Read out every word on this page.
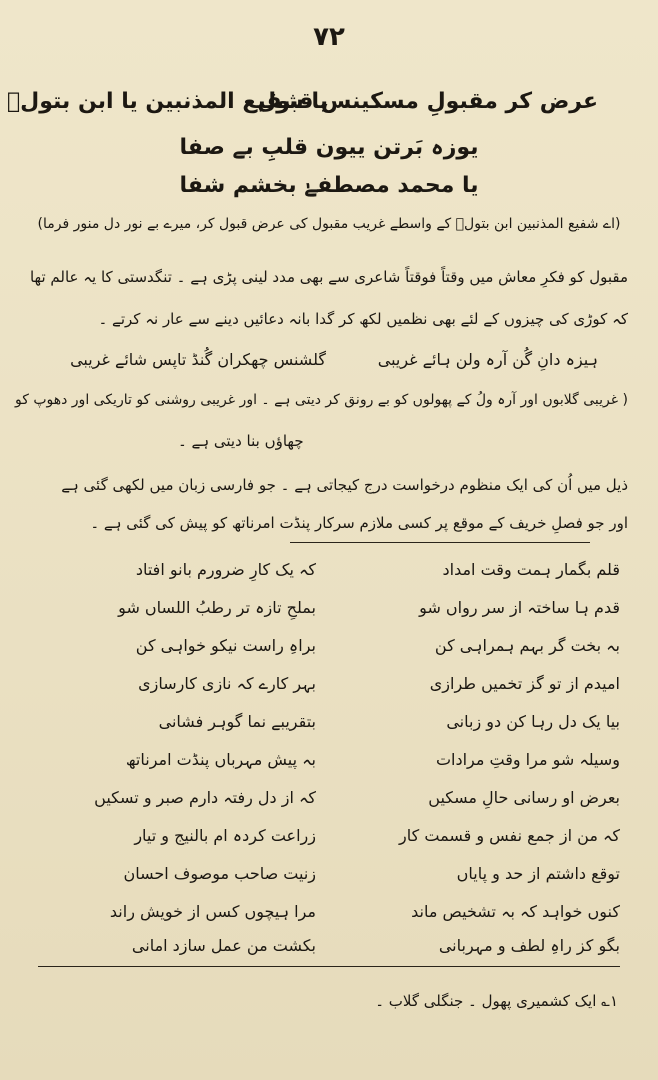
۷۲
یا شفیع المذنبین یا ابن بتولؑ
عرض کر مقبولِ مسکینس قبول
یوزہ بَرتن ییون قلبِ بے صفا
یا محمد مصطفےٰ بخشم شفا
(اے شفیع المذنبین ابن بتولؑ کے واسطے غریب مقبول کی عرض قبول کر، میرے بے نور دل منور فرما)
مقبول کو فکرِ معاش میں وقتاً فوقتاً شاعری سے بھی مدد لینی پڑی ہے ۔ تنگدستی کا یہ عالم تھا
کہ کوڑی کی چیزوں کے لئے بھی نظمیں لکھ کر گدا بانہ دعائیں دینے سے عار نہ کرتے ۔
ہیزہ دانِ گُن آرہ ولن ہائے غریبی
گلشنس چھکران گُنڈ تاپس شائے غریبی
( غریبی گلابوں اور آرہ ولُ کے پھولوں کو بے رونق کر دیتی ہے ۔ اور غریبی روشنی کو تاریکی اور دھوپ کو
چھاؤں بنا دیتی ہے ۔
ذیل میں اُن کی ایک منظوم درخواست درج کیجاتی ہے ۔ جو فارسی زبان میں لکھی گئی ہے
اور جو فصلِ خریف کے موقع پر کسی ملازم سرکار پنڈت امرناتھ کو پیش کی گئی ہے ۔
قلم بگمار ہمت وقت امداد
کہ یک کارِ ضرورم بانو افتاد
قدم ہا ساختہ از سر رواں شو
بملحِ تازہ تر رطبُ اللساں شو
بہ بخت گر بہم ہمراہی کن
براہِ راست نیکو خواہی کن
امیدم از تو گز تخمیں طرازی
بہر کارے کہ نازی کارسازی
بیا یک دل رہا کن دو زبانی
بتقریبے نما گوہر فشانی
وسیلہ شو مرا وقتِ مرادات
بہ پیش مہرباں پنڈت امرناتھ
بعرض او رسانی حالِ مسکیں
کہ از دل رفتہ دارم صبر و تسکیں
کہ من از جمع نفس و قسمت کار
زراعت کردہ ام بالنیج و تیار
توقع داشتم از حد و پایاں
زنیت صاحب موصوف احسان
کنوں خواہد کہ بہ تشخیص ماند
مرا ہیچوں کسں از خویش راند
بگو کز راہِ لطف و مہربانی
بکشت من عمل سازد امانی
۱؎ ایک کشمیری پھول ۔ جنگلی گلاب ۔
